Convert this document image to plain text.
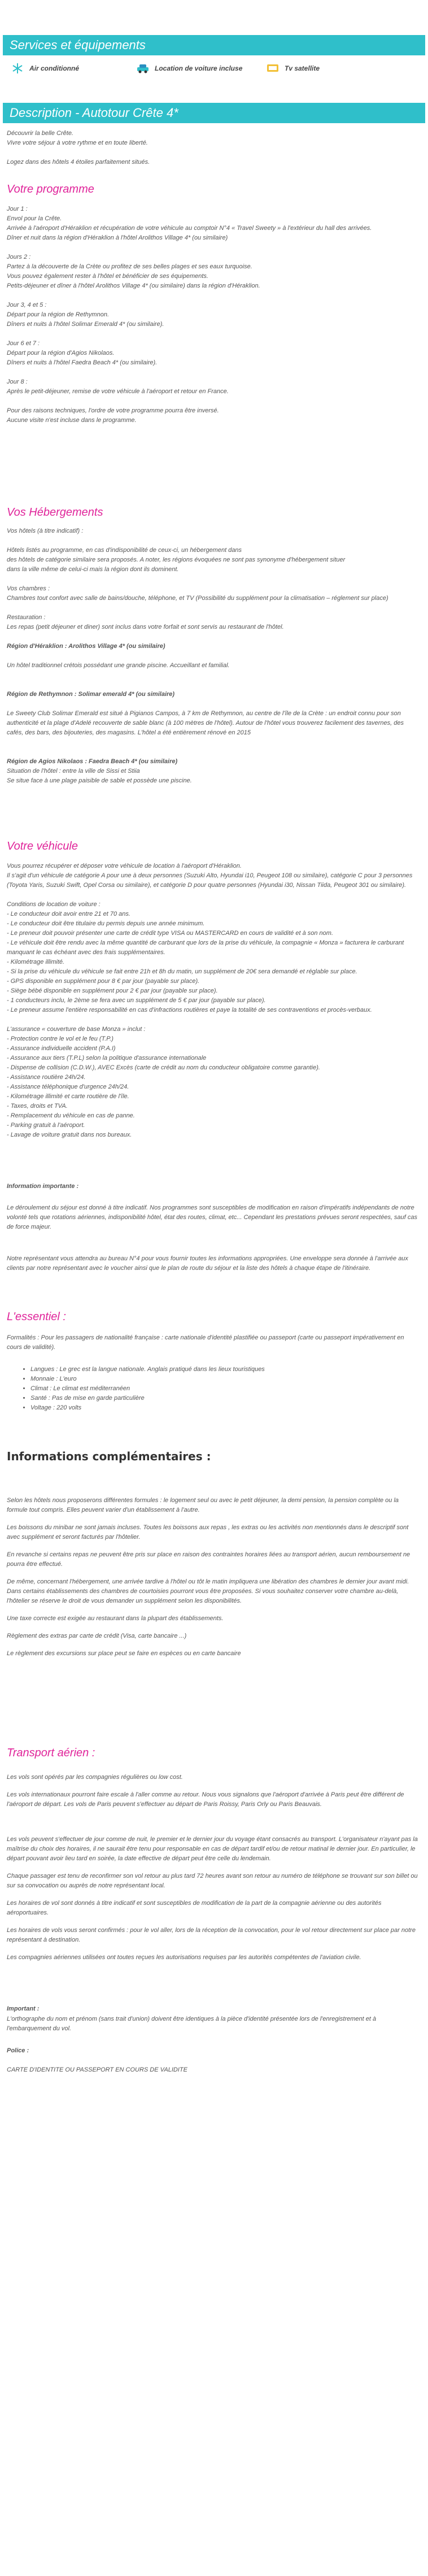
Services et équipements
Air conditionné	Location de voiture incluse	Tv satellite
Description - Autotour Crête 4*

Découvrir la belle Crête.

Vivre votre séjour à votre rythme et en toute liberté.

Logez dans des hôtels 4 étoiles parfaitement situés.

Votre programme

Jour 1 :

Envol pour la Crête.

Arrivée à l'aéroport d'Héraklion et récupération de votre véhicule au comptoir N°4 « Travel Sweety » à l'extérieur du hall des arrivées.

Dîner et nuit dans la région d'Héraklion à l'hôtel Arolithos Village 4* (ou similaire)

Jours 2 :

Partez à la découverte de la Crète ou profitez de ses belles plages et ses eaux turquoise.

Vous pouvez également rester à l'hôtel et bénéficier de ses équipements.

Petits-déjeuner et dîner à l'hôtel Arolithos Village 4* (ou similaire) dans la région d'Héraklion.

Jour 3, 4 et 5 :

Départ pour la région de Rethymnon.

Dîners et nuits à l'hôtel Solimar Emerald 4* (ou similaire).

Jour 6 et 7 :

Départ pour la région d'Agios Nikolaos.

Dîners et nuits à l'hôtel Faedra Beach 4* (ou similaire).

Jour 8 :

Après le petit-déjeuner, remise de votre véhicule à l'aéroport et retour en France.

Pour des raisons techniques, l'ordre de votre programme pourra être inversé.

Aucune visite n'est incluse dans le programme.

Vos Hébergements

Vos hôtels (à titre indicatif) :

Hôtels listés au programme, en cas d'indisponibilité de ceux-ci, un hébergement dans

des hôtels de catégorie similaire sera proposés. A noter, les régions évoquées ne sont pas synonyme d'hébergement situer

dans la ville même de celui-ci mais la région dont ils dominent.

Vos chambres :

Chambres tout confort avec salle de bains/douche, téléphone, et TV (Possibilité du supplément pour la climatisation – réglement sur place)

Restauration :

Les repas (petit déjeuner et diner) sont inclus dans votre forfait et sont servis au restaurant de l'hôtel.

Région d'Héraklion : Arolithos Village 4* (ou similaire)

Un hôtel traditionnel crétois possédant une grande piscine. Accueillant et familial.

Région de Rethymnon : Solimar emerald 4* (ou similaire)

Le Sweety Club Solimar Emerald est situé à Pigianos Campos, à 7 km de Rethymnon, au centre de l'île de la Crète : un endroit connu pour son authenticité et la plage d'Adelé recouverte de sable blanc (à 100 mètres de l'hôtel). Autour de l'hôtel vous trouverez facilement des tavernes, des cafés, des bars, des bijouteries, des magasins. L'hôtel a été entièrement rénové en 2015

Région de Agios Nikolaos : Faedra Beach 4* (ou similaire)

Situation de l'hôtel : entre la ville de Sissi et Stiia

Se situe face à une plage paisible de sable et possède une piscine.

Votre véhicule

Vous pourrez récupérer et déposer votre véhicule de location à l'aéroport d'Héraklion.

Il s'agit d'un véhicule de catégorie A pour une à deux personnes (Suzuki Alto, Hyundai i10, Peugeot 108 ou similaire), catégorie C pour 3 personnes (Toyota Yaris, Suzuki Swift, Opel Corsa ou similaire), et catégorie D pour quatre personnes (Hyundai i30, Nissan Tiida, Peugeot 301 ou similaire).

Conditions de location de voiture :

- Le conducteur doit avoir entre 21 et 70 ans.

- Le conducteur doit être titulaire du permis depuis une année minimum.

- Le preneur doit pouvoir présenter une carte de crédit type VISA ou MASTERCARD en cours de validité et à son nom.

- Le véhicule doit être rendu avec la même quantité de carburant que lors de la prise du véhicule, la compagnie « Monza » facturera le carburant manquant le cas échéant avec des frais supplémentaires.

- Kilométrage illimité.

- Si la prise du véhicule du véhicule se fait entre 21h et 8h du matin, un supplément de 20€ sera demandé et réglable sur place.

- GPS disponible en supplément pour 8 € par jour (payable sur place).

- Siège bébé disponible en supplément pour 2 € par jour (payable sur place).

- 1 conducteurs inclu, le 2ème se fera avec un supplément de 5 € par jour (payable sur place).

- Le preneur assume l'entière responsabilité en cas d'infractions routières et paye la totalité de ses contraventions et procès-verbaux.

L'assurance « couverture de base Monza » inclut :

- Protection contre le vol et le feu (T.P.)

- Assurance individuelle accident (P.A.I)

- Assurance aux tiers (T.P.L) selon la politique d'assurance internationale

- Dispense de collision (C.D.W.), AVEC Excès (carte de crédit au nom du conducteur obligatoire comme garantie).

- Assistance routière 24h/24.

- Assistance téléphonique d'urgence 24h/24.

- Kilométrage illimité et carte routière de l'île.

- Taxes, droits et TVA.

- Remplacement du véhicule en cas de panne.

- Parking gratuit à l'aéroport.

- Lavage de voiture gratuit dans nos bureaux.

Information importante :
Le déroulement du séjour est donné à titre indicatif. Nos programmes sont susceptibles de modification en raison d'impératifs indépendants de notre volonté tels que rotations aériennes, indisponibilité hôtel, état des routes, climat, etc... Cependant les prestations prévues seront respectées, sauf cas de force majeur.
Notre représentant vous attendra au bureau N°4 pour vous fournir toutes les informations appropriées. Une enveloppe sera donnée à l'arrivée aux clients par notre représentant avec le voucher ainsi que le plan de route du séjour et la liste des hôtels à chaque étape de l'itinéraire.
L'essentiel :
Formalités : Pour les passagers de nationalité française : carte nationale d'identité plastifiée ou passeport (carte ou passeport impérativement en cours de validité).
• Langues : Le grec est la langue nationale. Anglais pratiqué dans les lieux touristiques
• Monnaie : L'euro
• Climat : Le climat est méditerranéen
• Santé : Pas de mise en garde particulière
• Voltage : 220 volts
Informations complémentaires :

Selon les hôtels nous proposerons différentes formules : le logement seul ou avec le petit déjeuner, la demi pension, la pension complète ou la formule tout compris. Elles peuvent varier d'un établissement à l'autre.

Les boissons du minibar ne sont jamais incluses. Toutes les boissons aux repas , les extras ou les activités non mentionnés dans le descriptif sont avec supplément et seront facturés par l'hôtelier.

En revanche si certains repas ne peuvent être pris sur place en raison des contraintes horaires liées au transport aérien, aucun remboursement ne pourra être effectué.

De même, concernant l'hébergement, une arrivée tardive à l'hôtel ou tôt le matin impliquera une libération des chambres le dernier jour avant midi. Dans certains établissements des chambres de courtoisies pourront vous être proposées. Si vous souhaitez conserver votre chambre au-delà, l'hôtelier se réserve le droit de vous demander un supplément selon les disponibilités.

Une taxe correcte est exigée au restaurant dans la plupart des établissements.

Règlement des extras par carte de crédit (Visa, carte bancaire ...)

Le règlement des excursions sur place peut se faire en espèces ou en carte bancaire

Transport aérien :

Les vols sont opérés par les compagnies régulières ou low cost.

Les vols internationaux pourront faire escale à l'aller comme au retour. Nous vous signalons que l'aéroport d'arrivée à Paris peut être différent de l'aéroport de départ. Les vols de Paris peuvent s'effectuer au départ de Paris Roissy, Paris Orly ou Paris Beauvais.

Les vols peuvent s'effectuer de jour comme de nuit, le premier et le dernier jour du voyage étant consacrés au transport. L'organisateur n'ayant pas la maîtrise du choix des horaires, il ne saurait être tenu pour responsable en cas de départ tardif et/ou de retour matinal le dernier jour. En particulier, le départ pouvant avoir lieu tard en soirée, la date effective de départ peut être celle du lendemain.

Chaque passager est tenu de reconfirmer son vol retour au plus tard 72 heures avant son retour au numéro de téléphone se trouvant sur son billet ou sur sa convocation ou auprès de notre représentant local.

Les horaires de vol sont donnés à titre indicatif et sont susceptibles de modification de la part de la compagnie aérienne ou des autorités aéroportuaires.

Les horaires de vols vous seront confirmés : pour le vol aller, lors de la réception de la convocation, pour le vol retour directement sur place par notre représentant à destination.

Les compagnies aériennes utilisées ont toutes reçues les autorisations requises par les autorités compétentes de l'aviation civile.

Important :
L'orthographe du nom et prénom (sans trait d'union) doivent être identiques à la pièce d'identité présentée lors de l'enregistrement et à l'embarquement du vol.
Police :
CARTE D'IDENTITE OU PASSEPORT EN COURS DE VALIDITE
